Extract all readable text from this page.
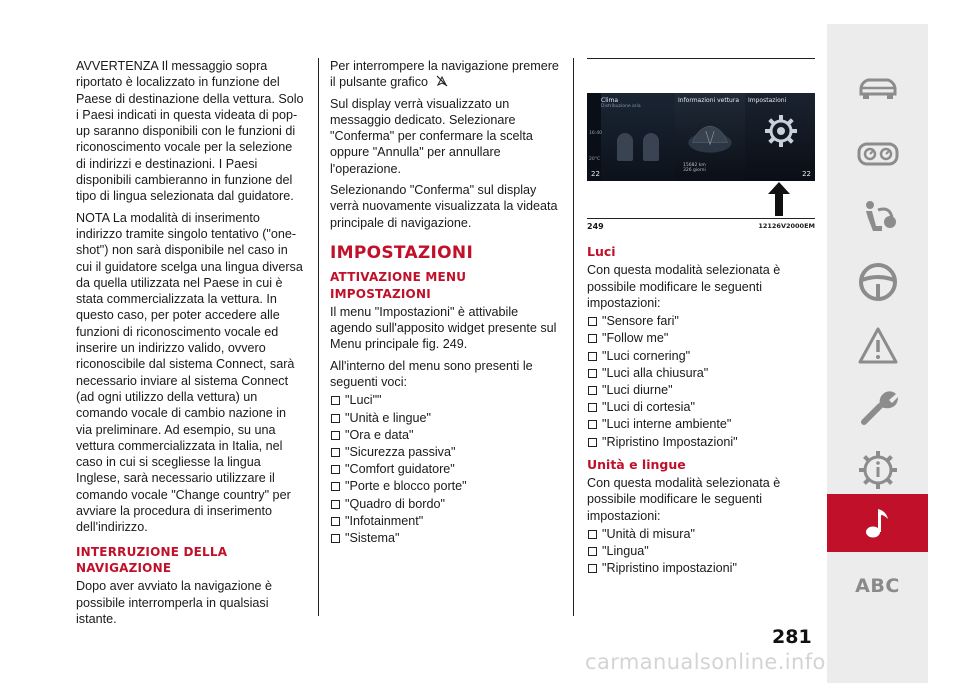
AVVERTENZA Il messaggio sopra riportato è localizzato in funzione del Paese di destinazione della vettura. Solo i Paesi indicati in questa videata di pop-up saranno disponibili con le funzioni di riconoscimento vocale per la selezione di indirizzi e destinazioni. I Paesi disponibili cambieranno in funzione del tipo di lingua selezionata dal guidatore.

NOTA La modalità di inserimento indirizzo tramite singolo tentativo ("one-shot") non sarà disponibile nel caso in cui il guidatore scelga una lingua diversa da quella utilizzata nel Paese in cui è stata commercializzata la vettura. In questo caso, per poter accedere alle funzioni di riconoscimento vocale ed inserire un indirizzo valido, ovvero riconoscibile dal sistema Connect, sarà necessario inviare al sistema Connect (ad ogni utilizzo della vettura) un comando vocale di cambio nazione in via preliminare. Ad esempio, su una vettura commercializzata in Italia, nel caso in cui si scegliesse la lingua Inglese, sarà necessario utilizzare il comando vocale "Change country" per avviare la procedura di inserimento dell'indirizzo.

INTERRUZIONE DELLA NAVIGAZIONE

Dopo aver avviato la navigazione è possibile interromperla in qualsiasi istante.

Per interrompere la navigazione premere il pulsante grafico

Sul display verrà visualizzato un messaggio dedicato. Selezionare "Conferma" per confermare la scelta oppure "Annulla" per annullare l'operazione.

Selezionando "Conferma" sul display verrà nuovamente visualizzata la videata principale di navigazione.

IMPOSTAZIONI
ATTIVAZIONE MENU IMPOSTAZIONI

Il menu "Impostazioni" è attivabile agendo sull'apposito widget presente sul Menu principale fig. 249.

All'interno del menu sono presenti le seguenti voci:

"Luci""
"Unità e lingue"
"Ora e data"
"Sicurezza passiva"
"Comfort guidatore"
"Porte e blocco porte"
"Quadro di bordo"
"Infotainment"
"Sistema"
16:40
20°C
Clima
Distribuzione aria
22
Informazioni vettura
15682 km
326 giorni
Impostazioni
22
249	12126V2000EM
Luci

Con questa modalità selezionata è possibile modificare le seguenti impostazioni:

"Sensore fari"
"Follow me"
"Luci cornering"
"Luci alla chiusura"
"Luci diurne"
"Luci di cortesia"
"Luci interne ambiente"
"Ripristino Impostazioni"
Unità e lingue

Con questa modalità selezionata è possibile modificare le seguenti impostazioni:

"Unità di misura"
"Lingua"
"Ripristino impostazioni"
ABC
281
carmanualsonline.info
